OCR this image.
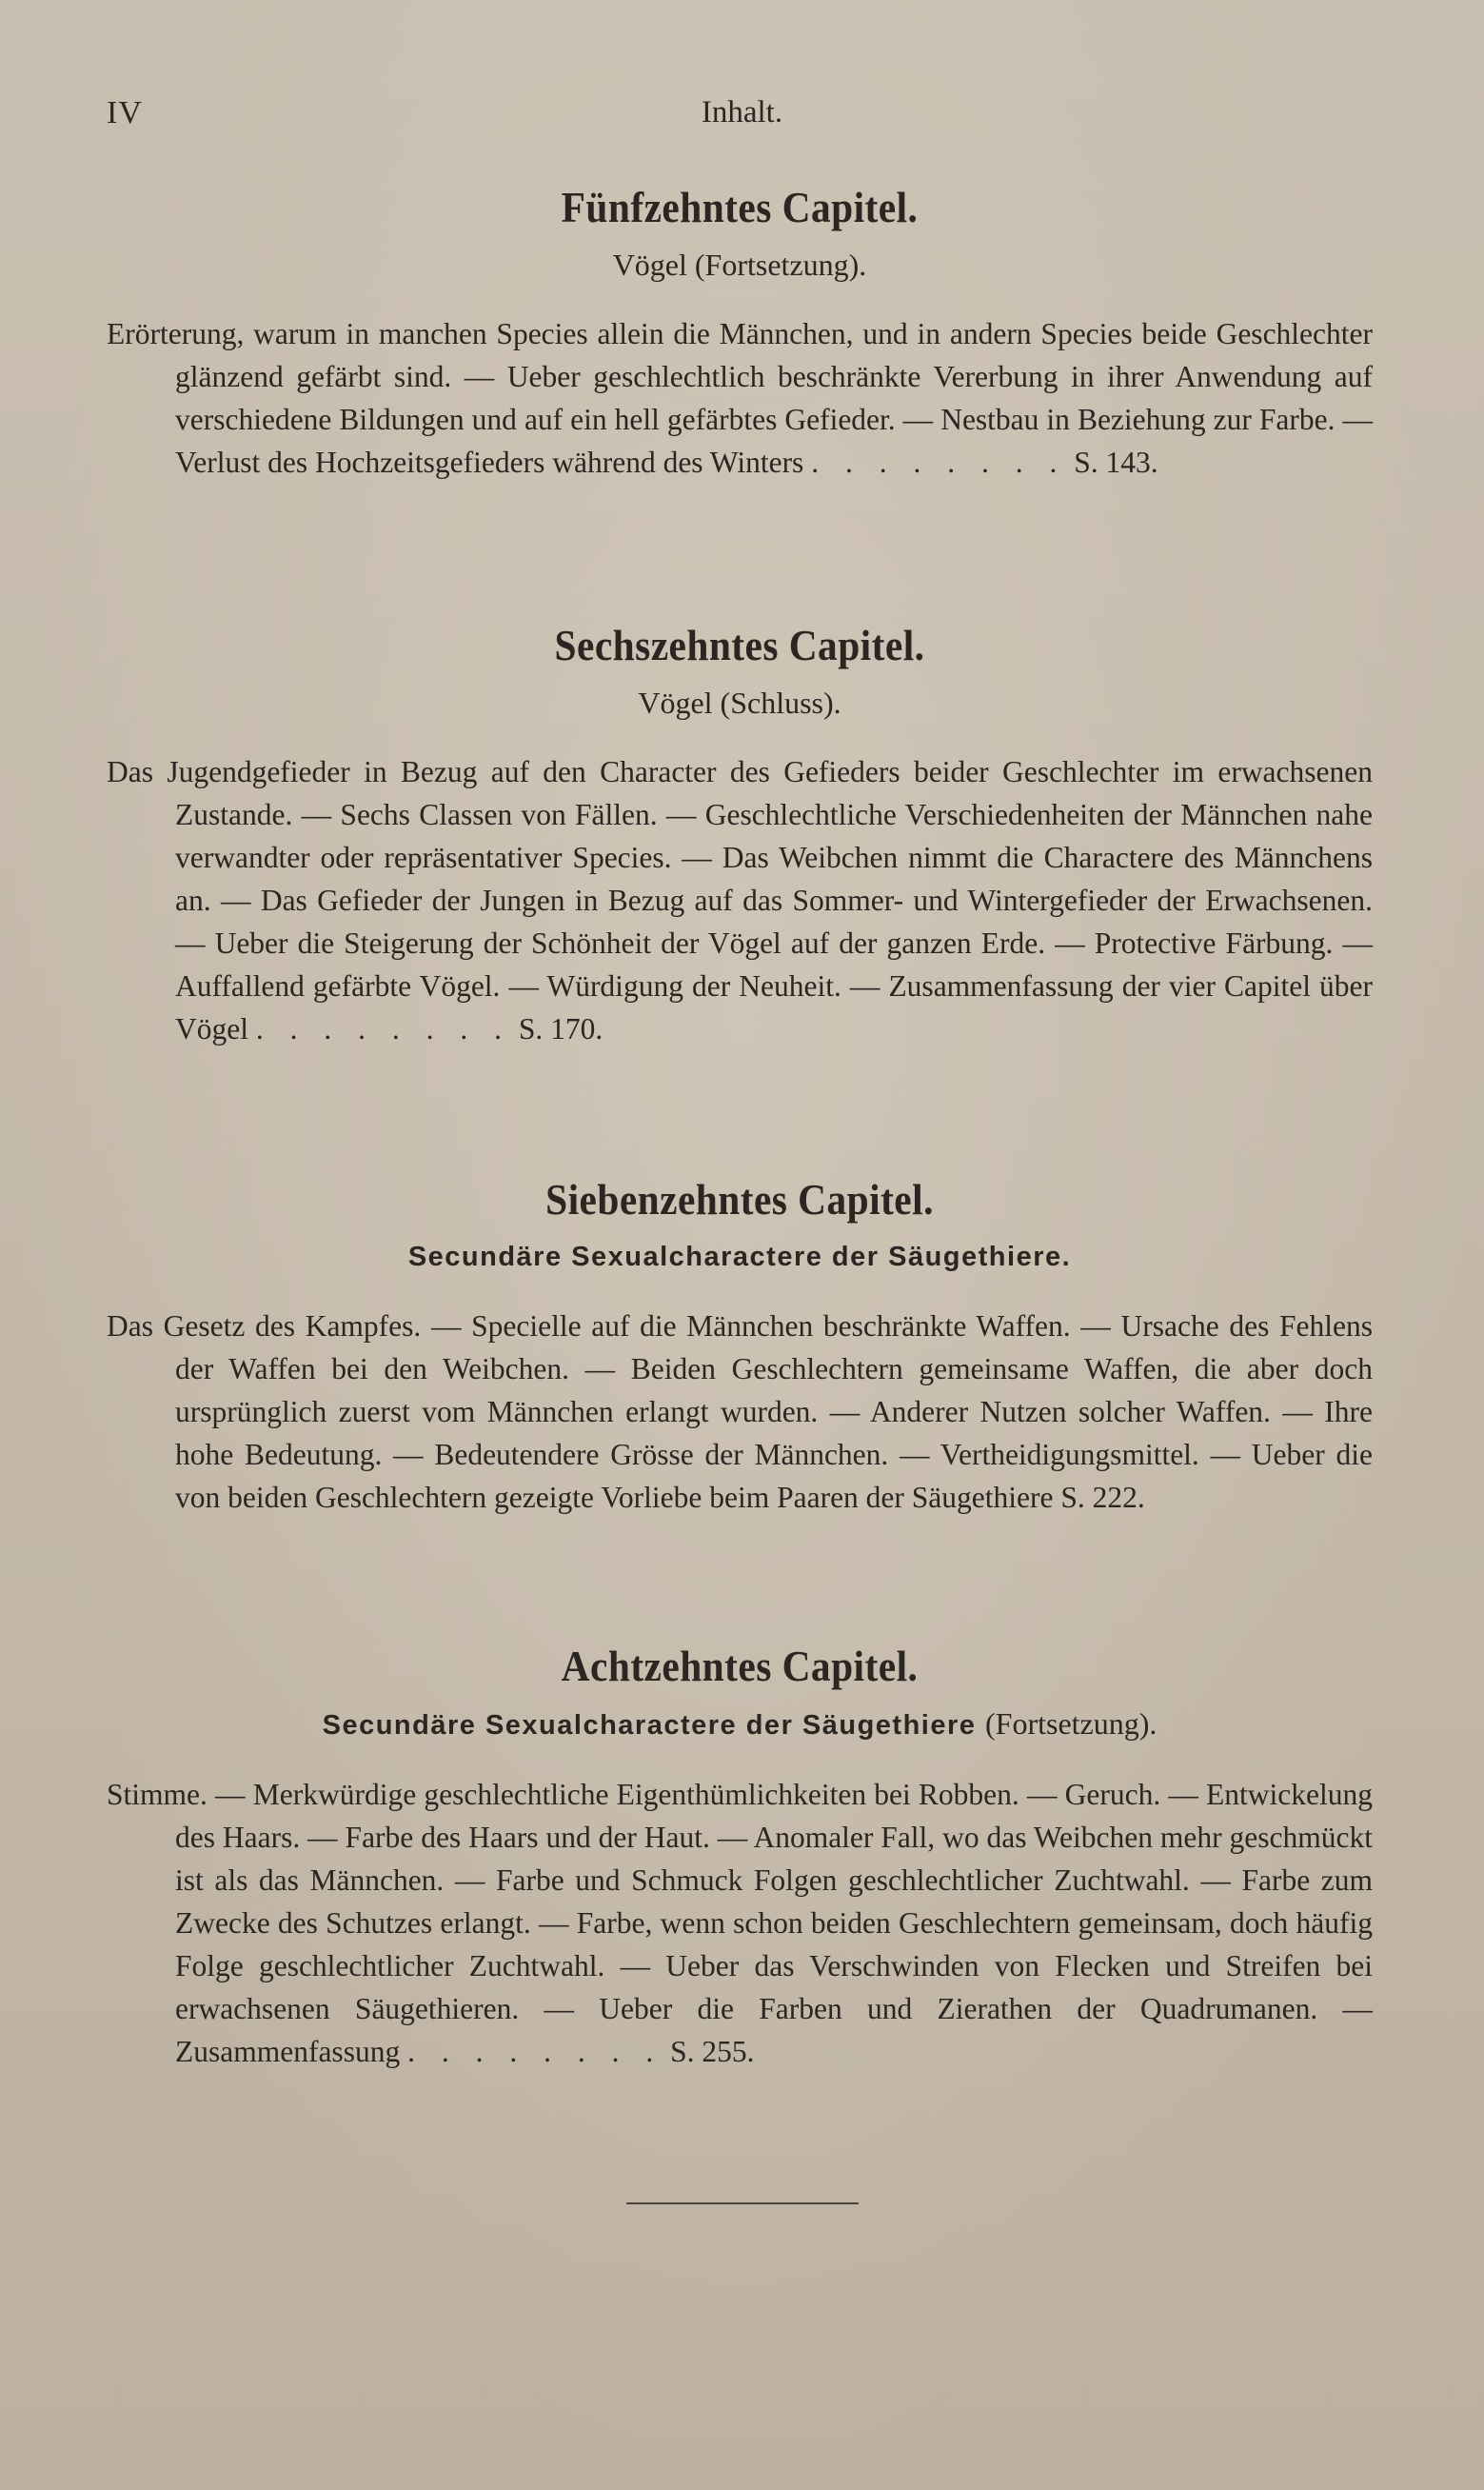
IV	Inhalt.
Fünfzehntes Capitel.
Vögel (Fortsetzung).

Erörterung, warum in manchen Species allein die Männchen, und in andern Species beide Geschlechter glänzend gefärbt sind. — Ueber geschlechtlich beschränkte Vererbung in ihrer Anwendung auf verschiedene Bildungen und auf ein hell gefärbtes Gefieder. — Nestbau in Beziehung zur Farbe. — Verlust des Hochzeitsgefieders während des Winters . . . . . . . . S. 143.

Sechszehntes Capitel.
Vögel (Schluss).

Das Jugendgefieder in Bezug auf den Character des Gefieders beider Geschlechter im erwachsenen Zustande. — Sechs Classen von Fällen. — Geschlechtliche Verschiedenheiten der Männchen nahe verwandter oder repräsentativer Species. — Das Weibchen nimmt die Charactere des Männchens an. — Das Gefieder der Jungen in Bezug auf das Sommer- und Wintergefieder der Erwachsenen. — Ueber die Steigerung der Schönheit der Vögel auf der ganzen Erde. — Protective Färbung. — Auffallend gefärbte Vögel. — Würdigung der Neuheit. — Zusammenfassung der vier Capitel über Vögel . . . . . . . . S. 170.

Siebenzehntes Capitel.
Secundäre Sexualcharactere der Säugethiere.

Das Gesetz des Kampfes. — Specielle auf die Männchen beschränkte Waffen. — Ursache des Fehlens der Waffen bei den Weibchen. — Beiden Geschlechtern gemeinsame Waffen, die aber doch ursprünglich zuerst vom Männchen erlangt wurden. — Anderer Nutzen solcher Waffen. — Ihre hohe Bedeutung. — Bedeutendere Grösse der Männchen. — Vertheidigungsmittel. — Ueber die von beiden Geschlechtern gezeigte Vorliebe beim Paaren der Säugethiere S. 222.

Achtzehntes Capitel.
Secundäre Sexualcharactere der Säugethiere (Fortsetzung).

Stimme. — Merkwürdige geschlechtliche Eigenthümlichkeiten bei Robben. — Geruch. — Entwickelung des Haars. — Farbe des Haars und der Haut. — Anomaler Fall, wo das Weibchen mehr geschmückt ist als das Männchen. — Farbe und Schmuck Folgen geschlechtlicher Zuchtwahl. — Farbe zum Zwecke des Schutzes erlangt. — Farbe, wenn schon beiden Geschlechtern gemeinsam, doch häufig Folge geschlechtlicher Zuchtwahl. — Ueber das Verschwinden von Flecken und Streifen bei erwachsenen Säugethieren. — Ueber die Farben und Zierathen der Quadrumanen. — Zusammenfassung . . . . . . . . S. 255.
